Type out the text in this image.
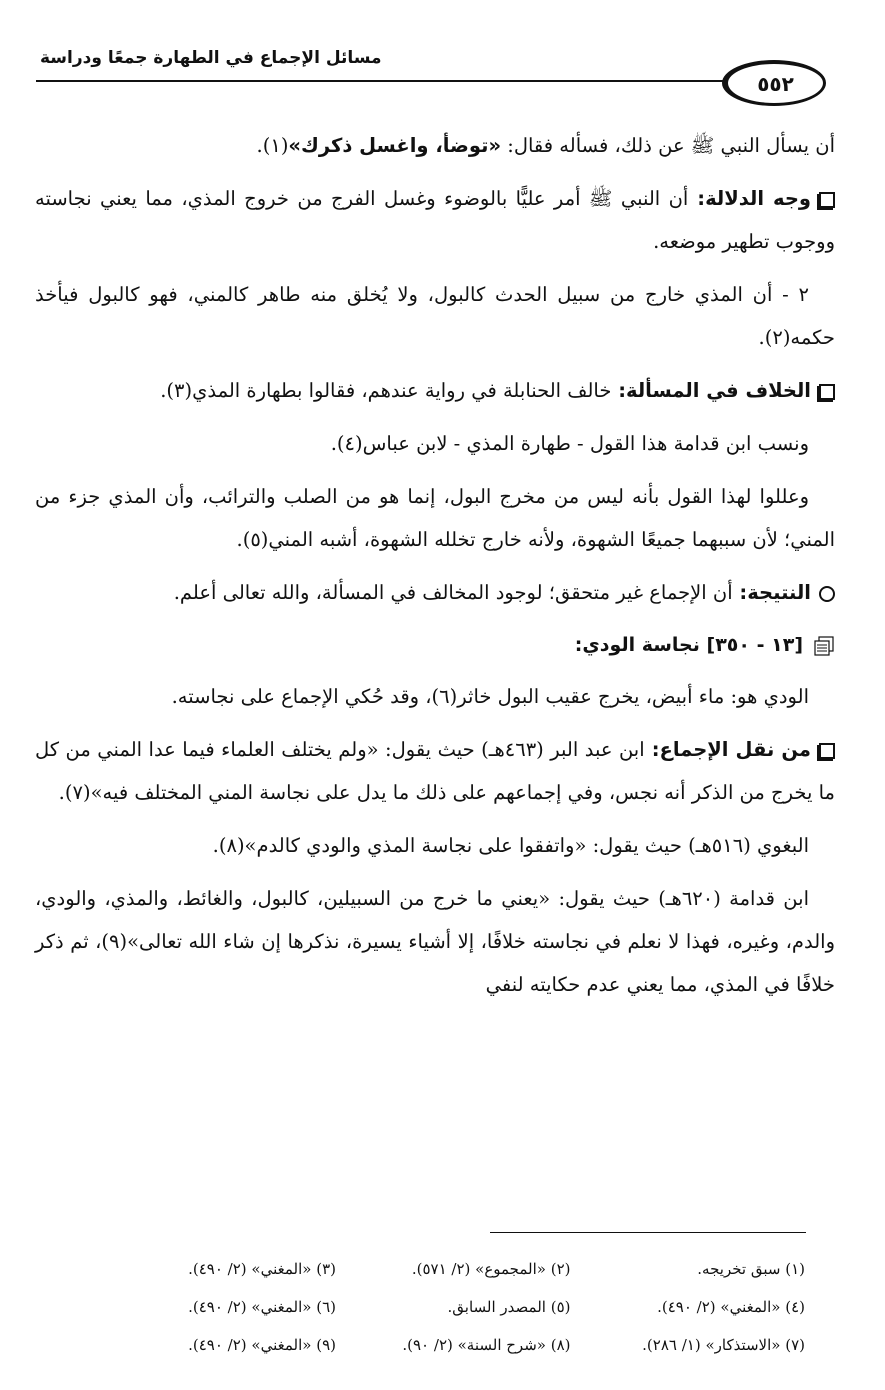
مسائل الإجماع في الطهارة جمعًا ودراسة
٥٥٢

أن يسأل النبي ﷺ عن ذلك، فسأله فقال: «توضأ، واغسل ذكرك»(١).

وجه الدلالة: أن النبي ﷺ أمر عليًّا بالوضوء وغسل الفرج من خروج المذي، مما يعني نجاسته ووجوب تطهير موضعه.

٢ - أن المذي خارج من سبيل الحدث كالبول، ولا يُخلق منه طاهر كالمني، فهو كالبول فيأخذ حكمه(٢).

الخلاف في المسألة: خالف الحنابلة في رواية عندهم، فقالوا بطهارة المذي(٣).

ونسب ابن قدامة هذا القول - طهارة المذي - لابن عباس(٤).

وعللوا لهذا القول بأنه ليس من مخرج البول، إنما هو من الصلب والترائب، وأن المذي جزء من المني؛ لأن سببهما جميعًا الشهوة، ولأنه خارج تخلله الشهوة، أشبه المني(٥).

النتيجة: أن الإجماع غير متحقق؛ لوجود المخالف في المسألة، والله تعالى أعلم.

[١٣ - ٣٥٠] نجاسة الودي:

الودي هو: ماء أبيض، يخرج عقيب البول خاثر(٦)، وقد حُكي الإجماع على نجاسته.

من نقل الإجماع: ابن عبد البر (٤٦٣هـ) حيث يقول: «ولم يختلف العلماء فيما عدا المني من كل ما يخرج من الذكر أنه نجس، وفي إجماعهم على ذلك ما يدل على نجاسة المني المختلف فيه»(٧).

البغوي (٥١٦هـ) حيث يقول: «واتفقوا على نجاسة المذي والودي كالدم»(٨).

ابن قدامة (٦٢٠هـ) حيث يقول: «يعني ما خرج من السبيلين، كالبول، والغائط، والمذي، والودي، والدم، وغيره، فهذا لا نعلم في نجاسته خلافًا، إلا أشياء يسيرة، نذكرها إن شاء الله تعالى»(٩)، ثم ذكر خلافًا في المذي، مما يعني عدم حكايته لنفي

(١) سبق تخريجه.
(٢) «المجموع» (٢/ ٥٧١).
(٣) «المغني» (٢/ ٤٩٠).
(٤) «المغني» (٢/ ٤٩٠).
(٥) المصدر السابق.
(٦) «المغني» (٢/ ٤٩٠).
(٧) «الاستذكار» (١/ ٢٨٦).
(٨) «شرح السنة» (٢/ ٩٠).
(٩) «المغني» (٢/ ٤٩٠).
